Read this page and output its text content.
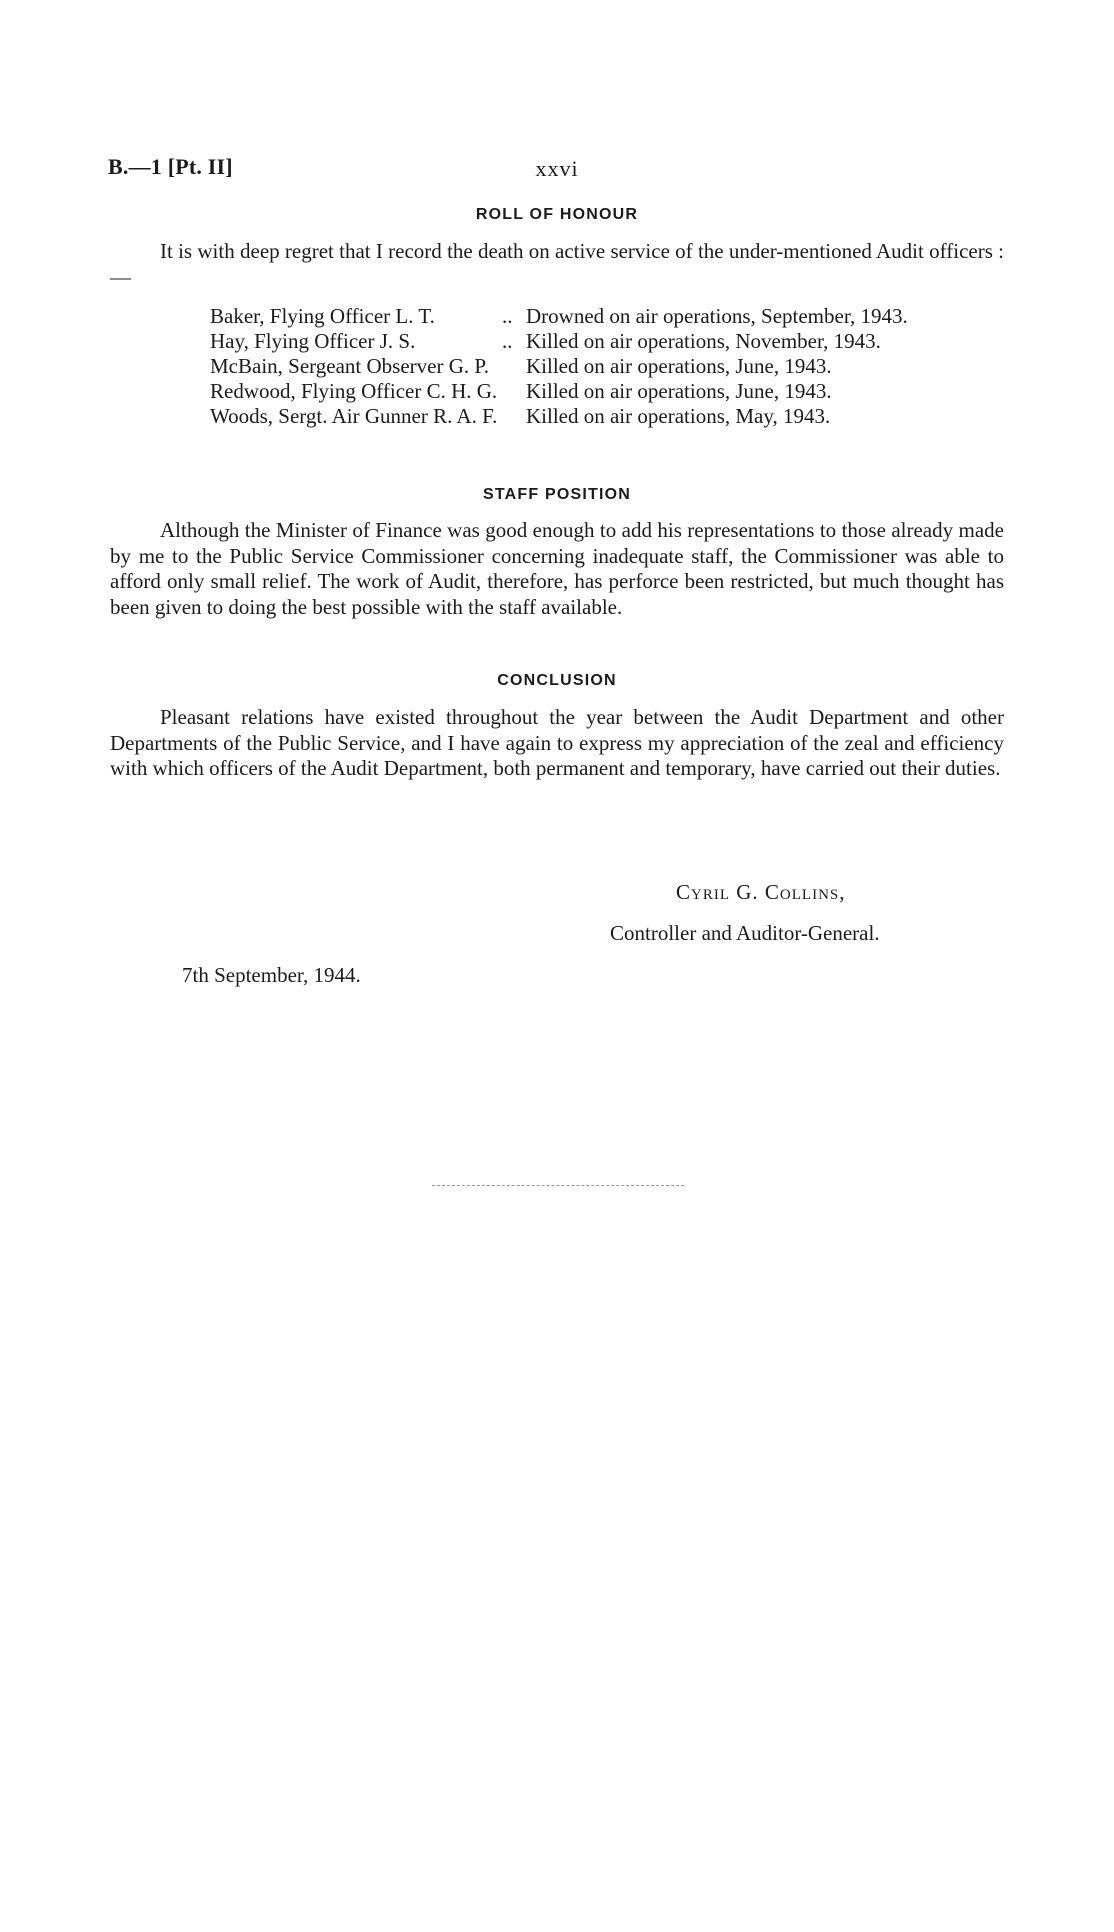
B.—1 [Pt. II]	xxvi
ROLL OF HONOUR
It is with deep regret that I record the death on active service of the under-mentioned Audit officers :—
Baker, Flying Officer L. T.	.. Drowned on air operations, September, 1943.
Hay, Flying Officer J. S.	.. Killed on air operations, November, 1943.
McBain, Sergeant Observer G. P.	Killed on air operations, June, 1943.
Redwood, Flying Officer C. H. G.	Killed on air operations, June, 1943.
Woods, Sergt. Air Gunner R. A. F.	Killed on air operations, May, 1943.
STAFF POSITION
Although the Minister of Finance was good enough to add his representations to those already made by me to the Public Service Commissioner concerning inadequate staff, the Commissioner was able to afford only small relief. The work of Audit, therefore, has perforce been restricted, but much thought has been given to doing the best possible with the staff available.
CONCLUSION
Pleasant relations have existed throughout the year between the Audit Department and other Departments of the Public Service, and I have again to express my appreciation of the zeal and efficiency with which officers of the Audit Department, both permanent and temporary, have carried out their duties.
Cyril G. Collins,
Controller and Auditor-General.
7th September, 1944.
